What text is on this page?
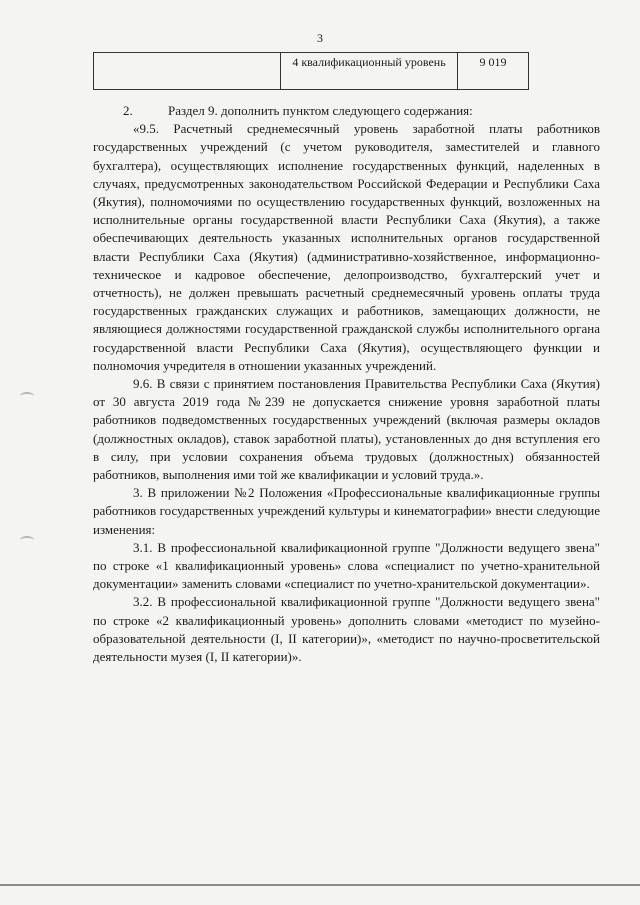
3
	4 квалификационный уровень	9 019

2.	Раздел 9. дополнить пунктом следующего содержания:

«9.5. Расчетный среднемесячный уровень заработной платы работников государственных учреждений (с учетом руководителя, заместителей и главного бухгалтера), осуществляющих исполнение государственных функций, наделенных в случаях, предусмотренных законодательством Российской Федерации и Республики Саха (Якутия), полномочиями по осуществлению государственных функций, возложенных на исполнительные органы государственной власти Республики Саха (Якутия), а также обеспечивающих деятельность указанных исполнительных органов государственной власти Республики Саха (Якутия) (административно-хозяйственное, информационно-техническое и кадровое обеспечение, делопроизводство, бухгалтерский учет и отчетность), не должен превышать расчетный среднемесячный уровень оплаты труда государственных гражданских служащих и работников, замещающих должности, не являющиеся должностями государственной гражданской службы исполнительного органа государственной власти Республики Саха (Якутия), осуществляющего функции и полномочия учредителя в отношении указанных учреждений.

9.6. В связи с принятием постановления Правительства Республики Саха (Якутия) от 30 августа 2019 года №239 не допускается снижение уровня заработной платы работников подведомственных государственных учреждений (включая размеры окладов (должностных окладов), ставок заработной платы), установленных до дня вступления его в силу, при условии сохранения объема трудовых (должностных) обязанностей работников, выполнения ими той же квалификации и условий труда.».

3. В приложении №2 Положения «Профессиональные квалификационные группы работников государственных учреждений культуры и кинематографии» внести следующие изменения:

3.1. В профессиональной квалификационной группе "Должности ведущего звена" по строке «1 квалификационный уровень» слова «специалист по учетно-хранительной документации» заменить словами «специалист по учетно-хранительской документации».

3.2. В профессиональной квалификационной группе "Должности ведущего звена" по строке «2 квалификационный уровень» дополнить словами «методист по музейно-образовательной деятельности (I, II категории)», «методист по научно-просветительской деятельности музея (I, II категории)».
